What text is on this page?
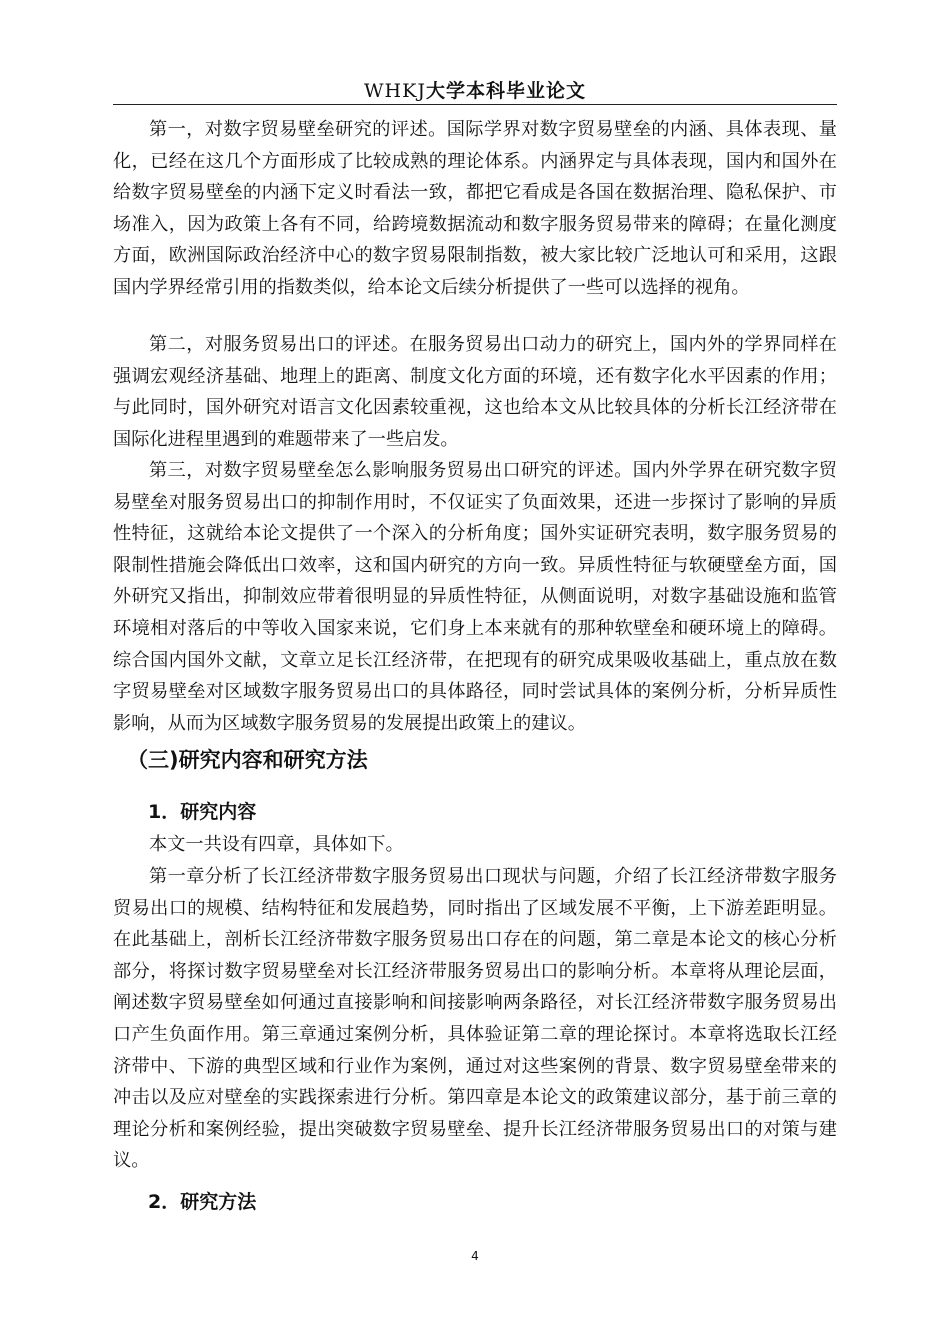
WHKJ大学本科毕业论文

第一，对数字贸易壁垒研究的评述。国际学界对数字贸易壁垒的内涵、具体表现、量化，已经在这几个方面形成了比较成熟的理论体系。内涵界定与具体表现，国内和国外在给数字贸易壁垒的内涵下定义时看法一致，都把它看成是各国在数据治理、隐私保护、市场准入，因为政策上各有不同，给跨境数据流动和数字服务贸易带来的障碍；在量化测度方面，欧洲国际政治经济中心的数字贸易限制指数，被大家比较广泛地认可和采用，这跟国内学界经常引用的指数类似，给本论文后续分析提供了一些可以选择的视角。

第二，对服务贸易出口的评述。在服务贸易出口动力的研究上，国内外的学界同样在强调宏观经济基础、地理上的距离、制度文化方面的环境，还有数字化水平因素的作用；与此同时，国外研究对语言文化因素较重视，这也给本文从比较具体的分析长江经济带在国际化进程里遇到的难题带来了一些启发。

第三，对数字贸易壁垒怎么影响服务贸易出口研究的评述。国内外学界在研究数字贸易壁垒对服务贸易出口的抑制作用时，不仅证实了负面效果，还进一步探讨了影响的异质性特征，这就给本论文提供了一个深入的分析角度；国外实证研究表明，数字服务贸易的限制性措施会降低出口效率，这和国内研究的方向一致。异质性特征与软硬壁垒方面，国外研究又指出，抑制效应带着很明显的异质性特征，从侧面说明，对数字基础设施和监管环境相对落后的中等收入国家来说，它们身上本来就有的那种软壁垒和硬环境上的障碍。综合国内国外文献，文章立足长江经济带，在把现有的研究成果吸收基础上，重点放在数字贸易壁垒对区域数字服务贸易出口的具体路径，同时尝试具体的案例分析，分析异质性影响，从而为区域数字服务贸易的发展提出政策上的建议。

（三)研究内容和研究方法
1．研究内容

本文一共设有四章，具体如下。

第一章分析了长江经济带数字服务贸易出口现状与问题，介绍了长江经济带数字服务贸易出口的规模、结构特征和发展趋势，同时指出了区域发展不平衡，上下游差距明显。在此基础上，剖析长江经济带数字服务贸易出口存在的问题，第二章是本论文的核心分析部分，将探讨数字贸易壁垒对长江经济带服务贸易出口的影响分析。本章将从理论层面，阐述数字贸易壁垒如何通过直接影响和间接影响两条路径，对长江经济带数字服务贸易出口产生负面作用。第三章通过案例分析，具体验证第二章的理论探讨。本章将选取长江经济带中、下游的典型区域和行业作为案例，通过对这些案例的背景、数字贸易壁垒带来的冲击以及应对壁垒的实践探索进行分析。第四章是本论文的政策建议部分，基于前三章的理论分析和案例经验，提出突破数字贸易壁垒、提升长江经济带服务贸易出口的对策与建议。

2．研究方法
4
